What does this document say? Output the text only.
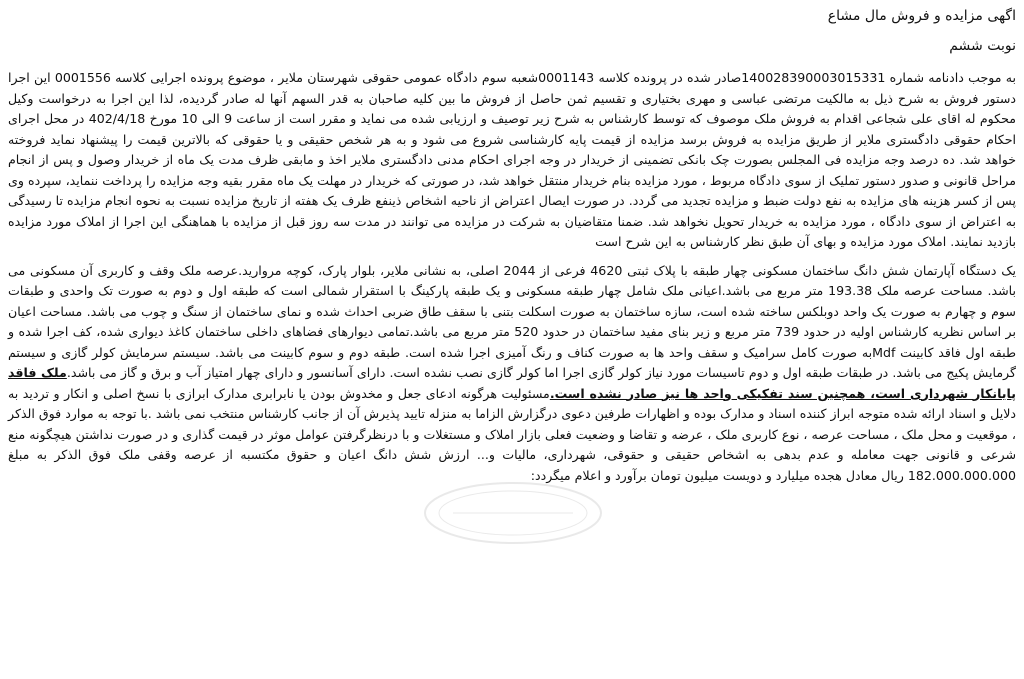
اگهی مزایده و فروش مال مشاع

نوبت ششم

به موجب دادنامه شماره 140028390003015331صادر شده در پرونده کلاسه 0001143شعبه سوم دادگاه عمومی حقوقی شهرستان ملایر ، موضوع پرونده اجرایی کلاسه 0001556 این اجرا دستور فروش به شرح ذیل به مالکیت مرتضی عباسی و مهری بختیاری و تقسیم ثمن حاصل از فروش ما بین کلیه صاحبان به قدر السهم آنها له صادر گردیده، لذا این اجرا به درخواست وکیل محکوم له اقای علی شجاعی اقدام به فروش ملک موصوف که توسط کارشناس به شرح زیر توصیف و ارزیابی شده می نماید و مقرر است از ساعت 9 الی 10 مورخ 402/4/18 در محل اجرای احکام حقوقی دادگستری ملایر از طریق مزایده به فروش برسد مزایده از قیمت پایه کارشناسی شروع می شود و به هر شخص حقیقی و یا حقوقی که بالاترین قیمت را پیشنهاد نماید فروخته خواهد شد. ده درصد وجه مزایده فی المجلس بصورت چک بانکی تضمینی از خریدار در وجه اجرای احکام مدنی دادگستری ملایر اخذ و مابقی ظرف مدت یک ماه از خریدار وصول و پس از انجام مراحل قانونی و صدور دستور تملیک از سوی دادگاه مربوط ، مورد مزایده بنام خریدار منتقل خواهد شد، در صورتی که خریدار در مهلت یک ماه مقرر بقیه وجه مزایده را پرداخت ننماید، سپرده وی پس از کسر هزینه های مزایده به نفع دولت ضبط و مزایده تجدید می گردد. در صورت ایصال اعتراض از ناحیه اشخاص ذینفع ظرف یک هفته از تاریخ مزایده نسبت به نحوه انجام مزایده تا رسیدگی به اعتراض از سوی دادگاه ، مورد مزایده به خریدار تحویل نخواهد شد. ضمنا متقاضیان به شرکت در مزایده می توانند در مدت سه روز قبل از مزایده با هماهنگی این اجرا از املاک مورد مزایده بازدید نمایند. املاک مورد مزایده و بهای آن طبق نظر کارشناس به این شرح است

یک دستگاه آپارتمان شش دانگ ساختمان مسکونی چهار طبقه با پلاک ثبتی 4620 فرعی از 2044 اصلی، به نشانی ملایر، بلوار پارک، کوچه مروارید.عرصه ملک وقف و کاربری آن مسکونی می باشد. مساحت عرصه ملک 193.38 متر مربع می باشد.اعیانی ملک شامل چهار طبقه مسکونی و یک طبقه پارکینگ با استقرار شمالی است که طبقه اول و دوم به صورت تک واحدی و طبقات سوم و چهارم به صورت یک واحد دوبلکس ساخته شده است، سازه ساختمان به صورت اسکلت بتنی با سقف طاق ضربی احداث شده و نمای ساختمان از سنگ و چوب می باشد. مساحت اعیان بر اساس نظریه کارشناس اولیه در حدود 739 متر مربع و زیر بنای مفید ساختمان در حدود 520 متر مربع می باشد.تمامی دیوارهای فضاهای داخلی ساختمان کاغذ دیواری شده، کف اجرا شده و طبقه اول فاقد کابینت Mdfبه صورت کامل سرامیک و سقف واحد ها به صورت کناف و رنگ آمیزی اجرا شده است. طبقه دوم و سوم کابینت می باشد. سیستم سرمایش کولر گازی و سیستم گرمایش پکیج می باشد. در طبقات طبقه اول و دوم تاسیسات مورد نیاز کولر گازی اجرا اما کولر گازی نصب نشده است. دارای آسانسور و دارای چهار امتیاز آب و برق و گاز می باشد.ملک فاقد پایانکار شهرداری است، همچنین سند تفکیکی واحد ها نیز صادر نشده است.مسئولیت هرگونه ادعای جعل و مخدوش بودن یا نابرابری مدارک ابرازی با نسخ اصلی و انکار و تردید به دلایل و اسناد ارائه شده متوجه ابراز کننده اسناد و مدارک بوده و اظهارات طرفین دعوی درگزارش الزاما به منزله تایید پذیرش آن از جانب کارشناس منتخب نمی باشد .با توجه به موارد فوق الذکر ، موقعیت و محل ملک ، مساحت عرصه ، نوع کاربری ملک ، عرضه و تقاضا و وضعیت فعلی بازار املاک و مستغلات و با درنظرگرفتن عوامل موثر در قیمت گذاری و در صورت نداشتن هیچگونه منع شرعی و قانونی جهت معامله و عدم بدهی به اشخاص حقیقی و حقوقی، شهرداری، مالیات و... ارزش شش دانگ اعیان و حقوق مکتسبه از عرصه وقفی ملک فوق الذکر به مبلغ 182.000.000.000 ریال معادل هجده میلیارد و دویست میلیون تومان برآورد و اعلام میگردد:
